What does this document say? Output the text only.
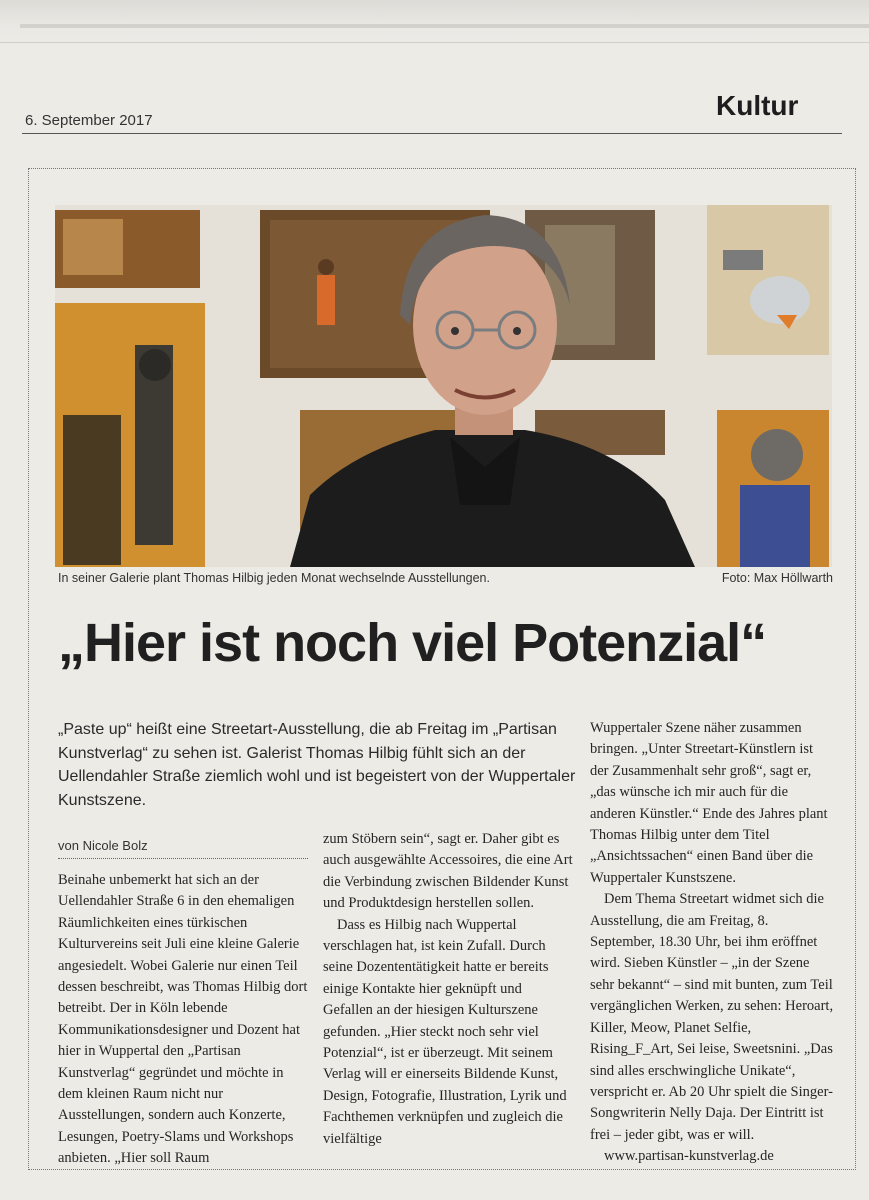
6. September 2017	Kultur
In seiner Galerie plant Thomas Hilbig jeden Monat wechselnde Ausstellungen.	Foto: Max Höllwarth
„Hier ist noch viel Potenzial“
„Paste up“ heißt eine Streetart-Ausstellung, die ab Freitag im „Partisan Kunstverlag“ zu sehen ist. Galerist Thomas Hilbig fühlt sich an der Uellendahler Straße ziemlich wohl und ist begeistert von der Wuppertaler Kunstszene.
von Nicole Bolz

Beinahe unbemerkt hat sich an der Uellendahler Straße 6 in den ehemaligen Räumlichkeiten eines türkischen Kulturvereins seit Juli eine kleine Galerie angesiedelt. Wobei Galerie nur einen Teil dessen beschreibt, was Thomas Hilbig dort betreibt. Der in Köln lebende Kommunikationsdesigner und Dozent hat hier in Wuppertal den „Partisan Kunstverlag“ gegründet und möchte in dem kleinen Raum nicht nur Ausstellungen, sondern auch Konzerte, Lesungen, Poetry-Slams und Workshops anbieten. „Hier soll Raum

zum Stöbern sein“, sagt er. Daher gibt es auch ausgewählte Accessoires, die eine Art die Verbindung zwischen Bildender Kunst und Produktdesign herstellen sollen.

Dass es Hilbig nach Wuppertal verschlagen hat, ist kein Zufall. Durch seine Dozententätigkeit hatte er bereits einige Kontakte hier geknüpft und Gefallen an der hiesigen Kulturszene gefunden. „Hier steckt noch sehr viel Potenzial“, ist er überzeugt. Mit seinem Verlag will er einerseits Bildende Kunst, Design, Fotografie, Illustration, Lyrik und Fachthemen verknüpfen und zugleich die vielfältige

Wuppertaler Szene näher zusammen bringen. „Unter Streetart-Künstlern ist der Zusammenhalt sehr groß“, sagt er, „das wünsche ich mir auch für die anderen Künstler.“ Ende des Jahres plant Thomas Hilbig unter dem Titel „Ansichtssachen“ einen Band über die Wuppertaler Kunstszene.

Dem Thema Streetart widmet sich die Ausstellung, die am Freitag, 8. September, 18.30 Uhr, bei ihm eröffnet wird. Sieben Künstler – „in der Szene sehr bekannt“ – sind mit bunten, zum Teil vergänglichen Werken, zu sehen: Heroart, Killer, Meow, Planet Selfie, Rising_F_Art, Sei leise, Sweetsnini. „Das sind alles erschwingliche Unikate“, verspricht er. Ab 20 Uhr spielt die Singer-Songwriterin Nelly Daja. Der Eintritt ist frei – jeder gibt, was er will.

www.partisan-kunstverlag.de
